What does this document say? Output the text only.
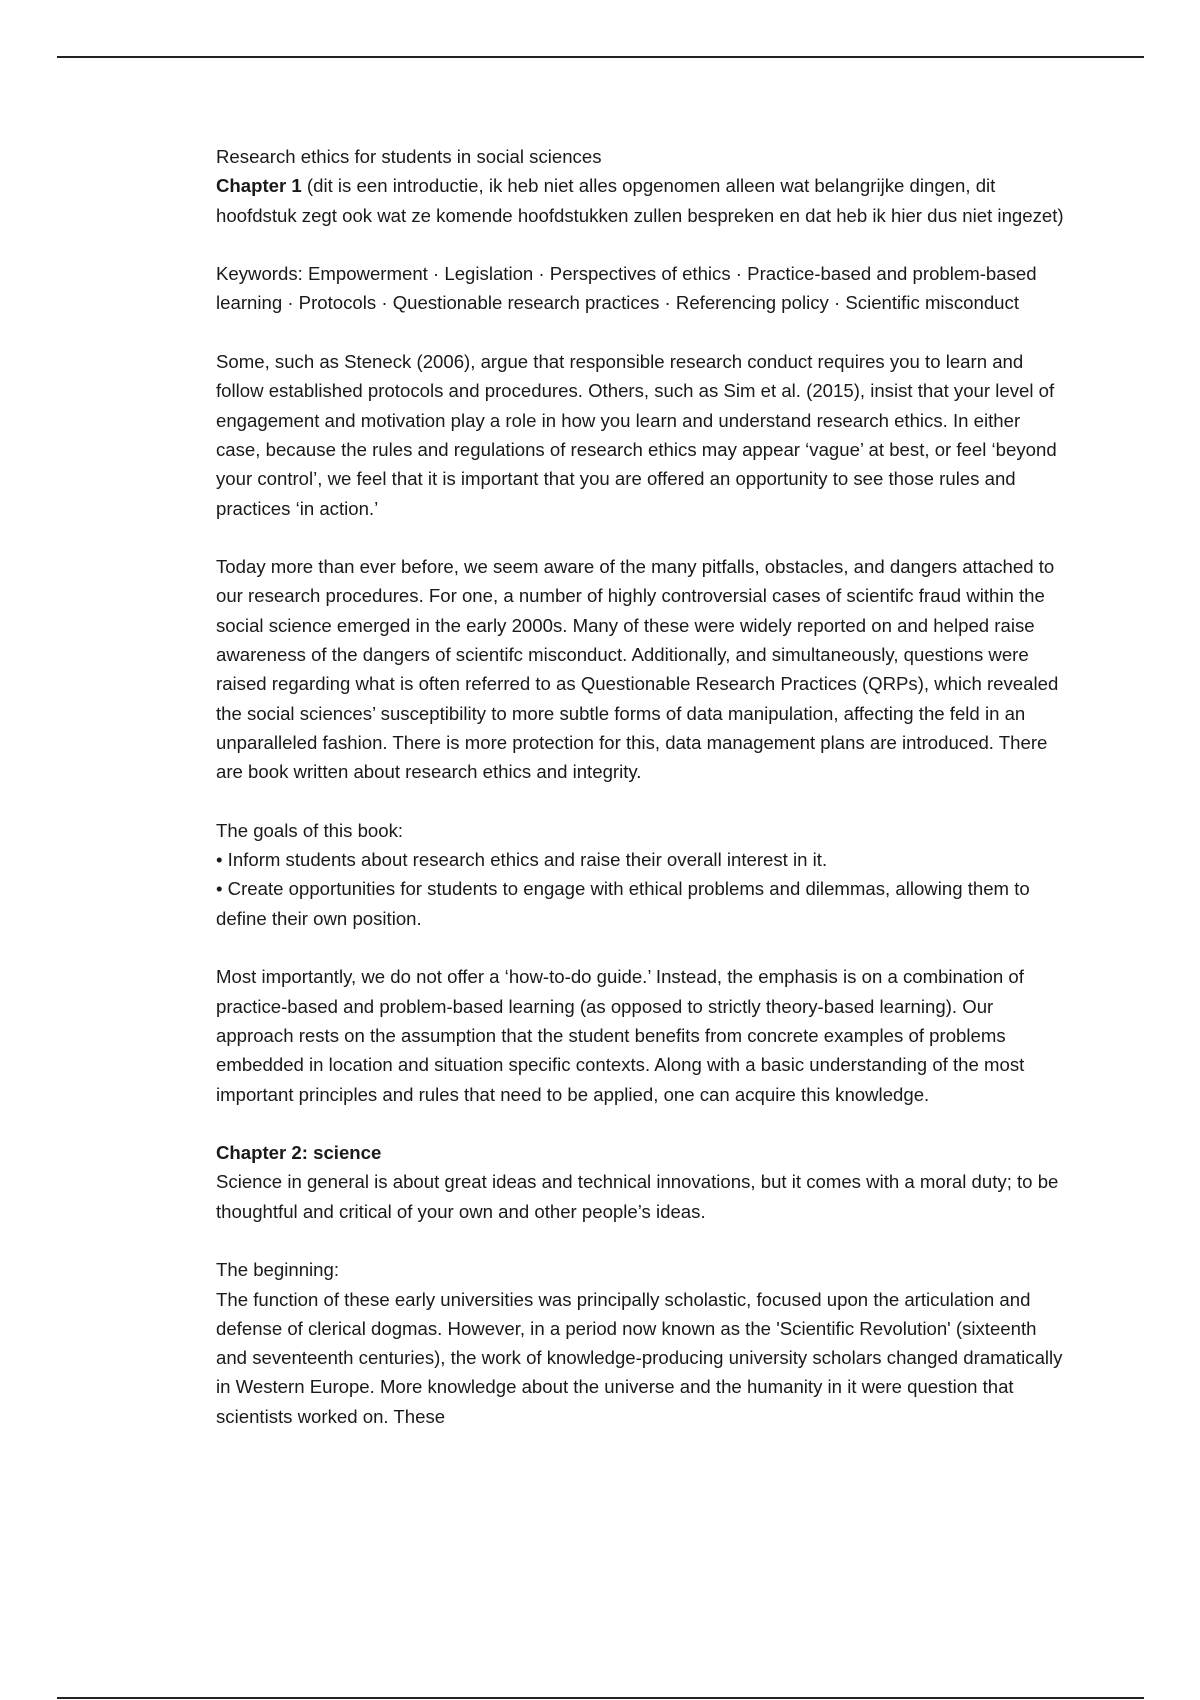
Research ethics for students in social sciences

Chapter 1 (dit is een introductie, ik heb niet alles opgenomen alleen wat belangrijke dingen, dit hoofdstuk zegt ook wat ze komende hoofdstukken zullen bespreken en dat heb ik hier dus niet ingezet)

Keywords: Empowerment · Legislation · Perspectives of ethics · Practice-based and problem-based learning · Protocols · Questionable research practices · Referencing policy · Scientific misconduct

Some, such as Steneck (2006), argue that responsible research conduct requires you to learn and follow established protocols and procedures. Others, such as Sim et al. (2015), insist that your level of engagement and motivation play a role in how you learn and understand research ethics. In either case, because the rules and regulations of research ethics may appear ‘vague’ at best, or feel ‘beyond your control’, we feel that it is important that you are offered an opportunity to see those rules and practices ‘in action.’

Today more than ever before, we seem aware of the many pitfalls, obstacles, and dangers attached to our research procedures. For one, a number of highly controversial cases of scientifc fraud within the social science emerged in the early 2000s. Many of these were widely reported on and helped raise awareness of the dangers of scientifc misconduct. Additionally, and simultaneously, questions were raised regarding what is often referred to as Questionable Research Practices (QRPs), which revealed the social sciences’ susceptibility to more subtle forms of data manipulation, affecting the feld in an unparalleled fashion. There is more protection for this, data management plans are introduced. There are book written about research ethics and integrity.

The goals of this book:

• Inform students about research ethics and raise their overall interest in it.
• Create opportunities for students to engage with ethical problems and dilemmas, allowing them to define their own position.

Most importantly, we do not offer a ‘how-to-do guide.’ Instead, the emphasis is on a combination of practice-based and problem-based learning (as opposed to strictly theory-based learning). Our approach rests on the assumption that the student benefits from concrete examples of problems embedded in location and situation specific contexts. Along with a basic understanding of the most important principles and rules that need to be applied, one can acquire this knowledge.

Chapter 2: science

Science in general is about great ideas and technical innovations, but it comes with a moral duty; to be thoughtful and critical of your own and other people’s ideas.

The beginning:

The function of these early universities was principally scholastic, focused upon the articulation and defense of clerical dogmas. However, in a period now known as the 'Scientific Revolution' (sixteenth and seventeenth centuries), the work of knowledge-producing university scholars changed dramatically in Western Europe. More knowledge about the universe and the humanity in it were question that scientists worked on. These
